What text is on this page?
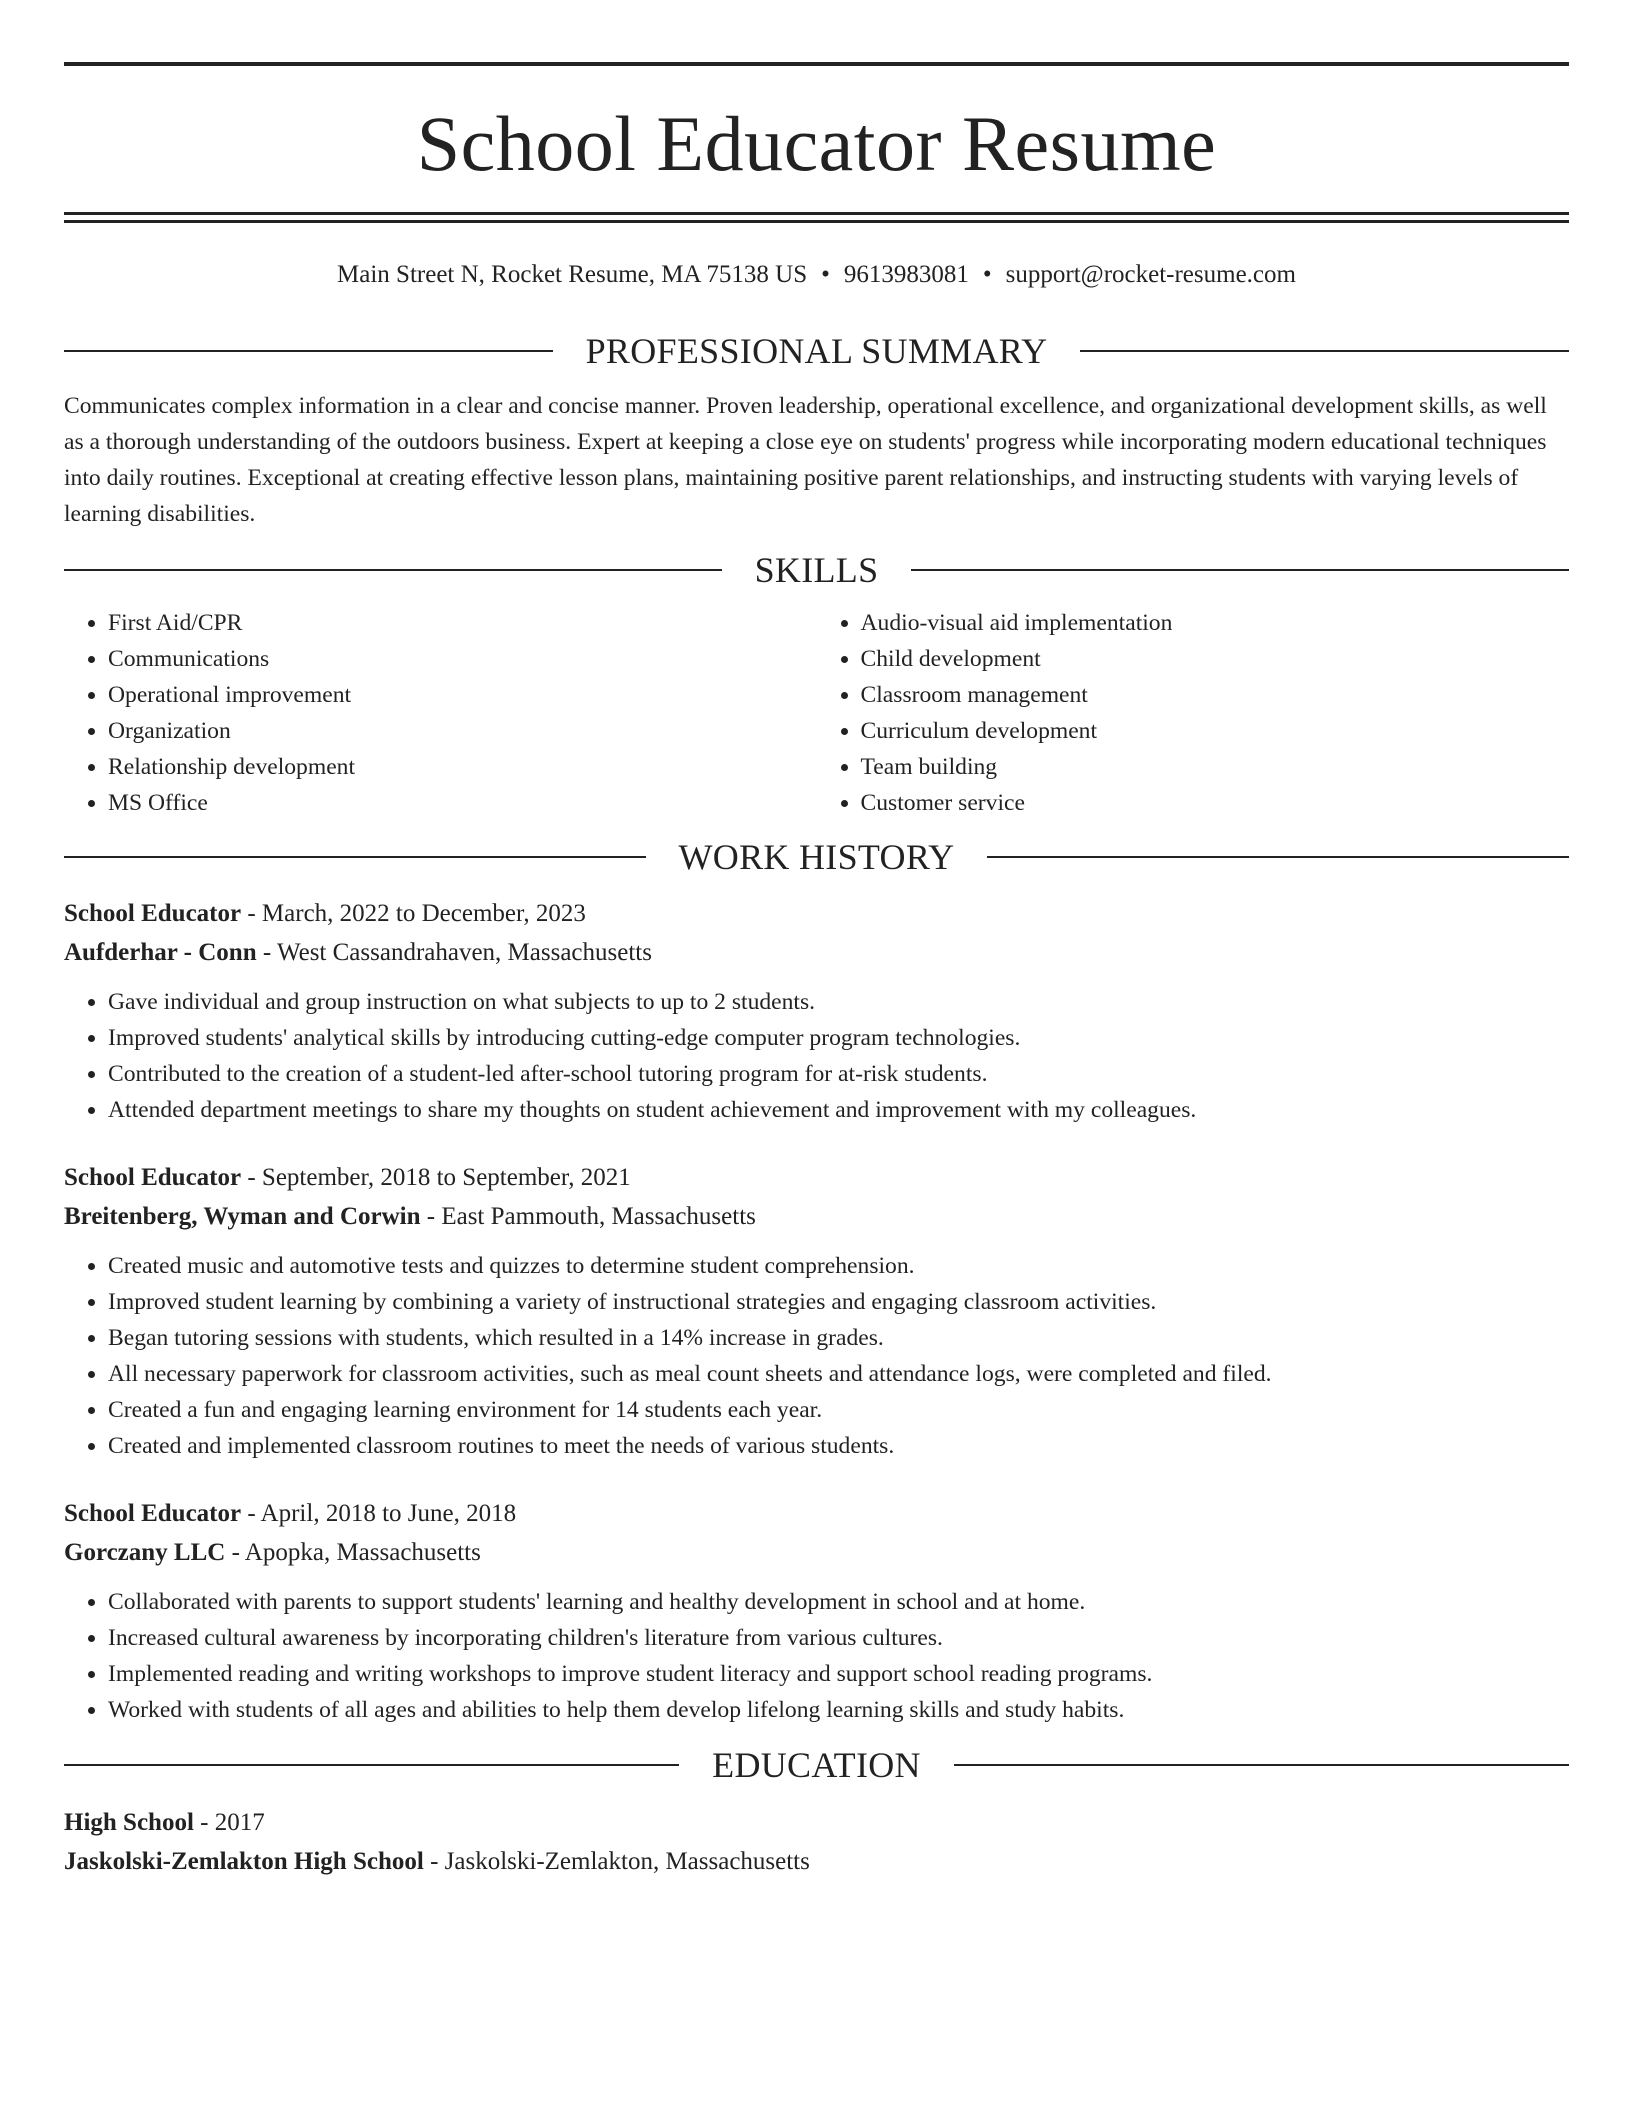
School Educator Resume
Main Street N, Rocket Resume, MA 75138 US • 9613983081 • support@rocket-resume.com
PROFESSIONAL SUMMARY
Communicates complex information in a clear and concise manner. Proven leadership, operational excellence, and organizational development skills, as well as a thorough understanding of the outdoors business. Expert at keeping a close eye on students' progress while incorporating modern educational techniques into daily routines. Exceptional at creating effective lesson plans, maintaining positive parent relationships, and instructing students with varying levels of learning disabilities.
SKILLS
• First Aid/CPR
• Communications
• Operational improvement
• Organization
• Relationship development
• MS Office
• Audio-visual aid implementation
• Child development
• Classroom management
• Curriculum development
• Team building
• Customer service
WORK HISTORY
School Educator - March, 2022 to December, 2023
Aufderhar - Conn - West Cassandrahaven, Massachusetts
• Gave individual and group instruction on what subjects to up to 2 students.
• Improved students' analytical skills by introducing cutting-edge computer program technologies.
• Contributed to the creation of a student-led after-school tutoring program for at-risk students.
• Attended department meetings to share my thoughts on student achievement and improvement with my colleagues.
School Educator - September, 2018 to September, 2021
Breitenberg, Wyman and Corwin - East Pammouth, Massachusetts
• Created music and automotive tests and quizzes to determine student comprehension.
• Improved student learning by combining a variety of instructional strategies and engaging classroom activities.
• Began tutoring sessions with students, which resulted in a 14% increase in grades.
• All necessary paperwork for classroom activities, such as meal count sheets and attendance logs, were completed and filed.
• Created a fun and engaging learning environment for 14 students each year.
• Created and implemented classroom routines to meet the needs of various students.
School Educator - April, 2018 to June, 2018
Gorczany LLC - Apopka, Massachusetts
• Collaborated with parents to support students' learning and healthy development in school and at home.
• Increased cultural awareness by incorporating children's literature from various cultures.
• Implemented reading and writing workshops to improve student literacy and support school reading programs.
• Worked with students of all ages and abilities to help them develop lifelong learning skills and study habits.
EDUCATION
High School - 2017
Jaskolski-Zemlakton High School - Jaskolski-Zemlakton, Massachusetts
